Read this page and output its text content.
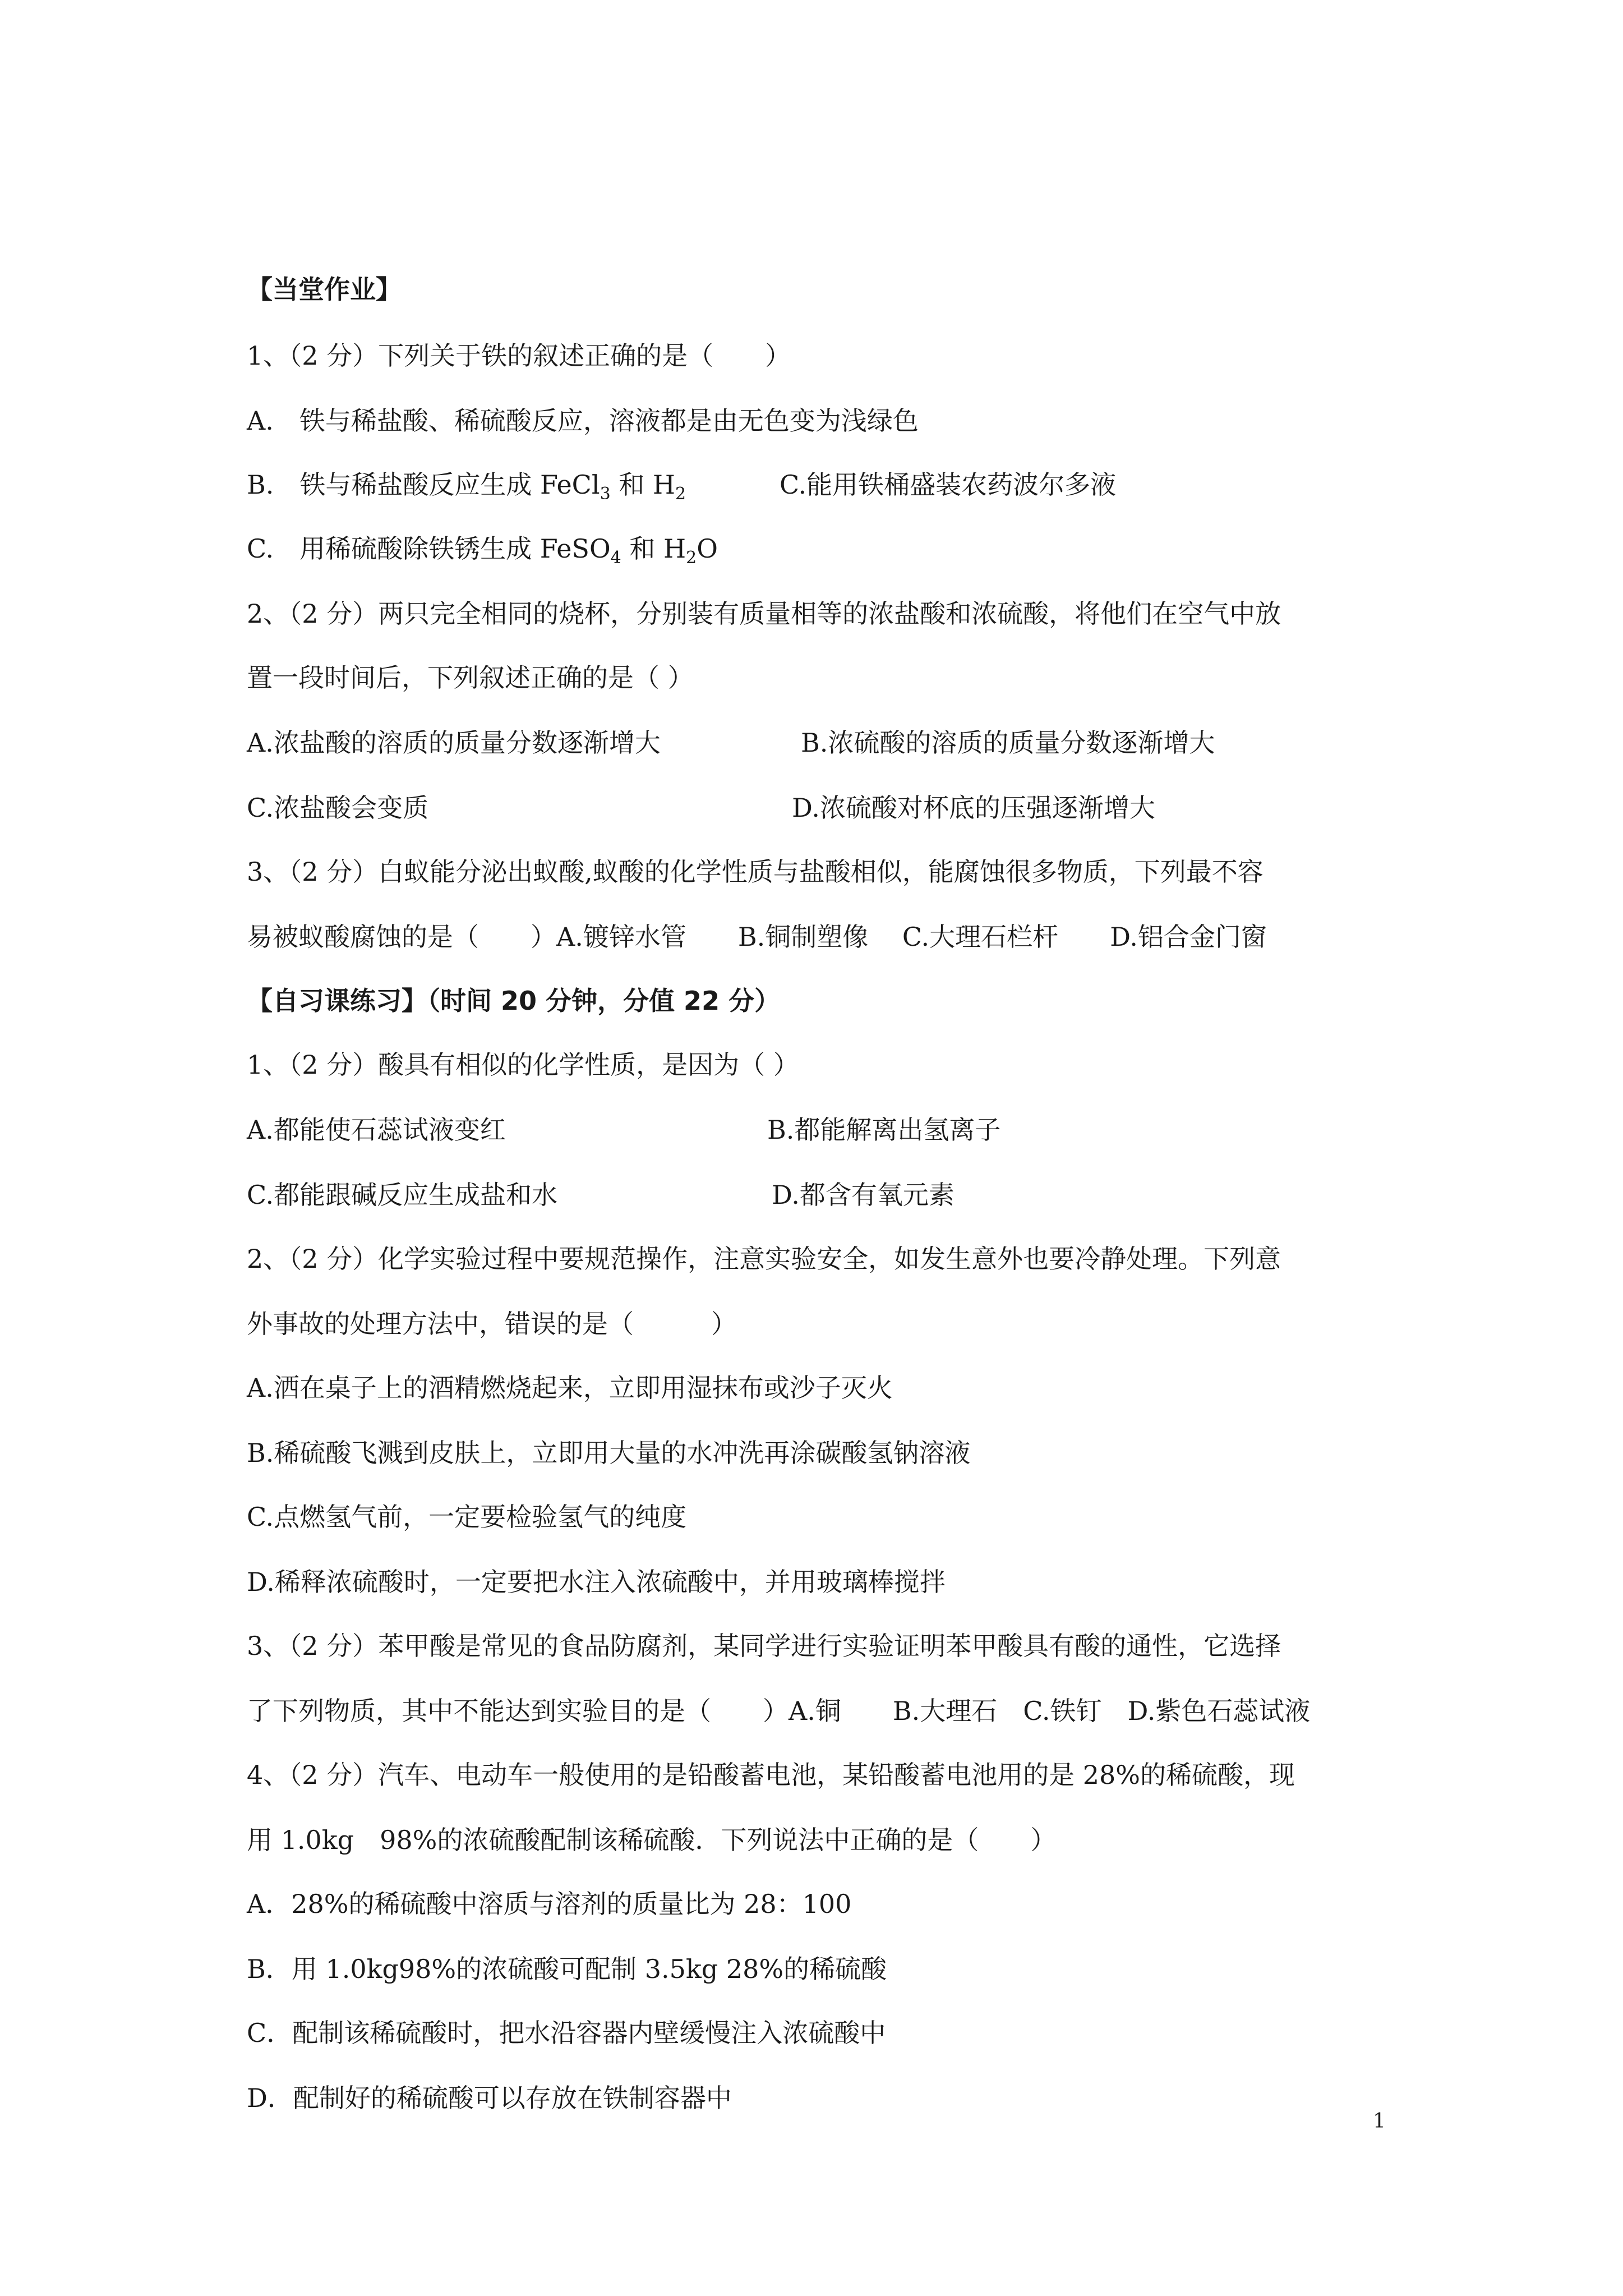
【当堂作业】
1、（2 分）下列关于铁的叙述正确的是（　　）
A.　铁与稀盐酸、稀硫酸反应，溶液都是由无色变为浅绿色
B.　铁与稀盐酸反应生成 FeCl$_3$ 和 $H_2$	C.能用铁桶盛装农药波尔多液
C.　用稀硫酸除铁锈生成 FeSO$_4$ 和 $H_2O$
2、（2 分）两只完全相同的烧杯，分别装有质量相等的浓盐酸和浓硫酸，将他们在空气中放
置一段时间后，下列叙述正确的是（ ）
A.浓盐酸的溶质的质量分数逐渐增大	B.浓硫酸的溶质的质量分数逐渐增大
C.浓盐酸会变质	D.浓硫酸对杯底的压强逐渐增大
3、（2 分）白蚁能分泌出蚁酸,蚁酸的化学性质与盐酸相似，能腐蚀很多物质，下列最不容
易被蚁酸腐蚀的是（　　）A.镀锌水管　　B.铜制塑像　 C.大理石栏杆　　D.铝合金门窗
【自习课练习】（时间 20 分钟，分值 22 分）
1、（2 分）酸具有相似的化学性质，是因为（ ）
A.都能使石蕊试液变红	B.都能解离出氢离子
C.都能跟碱反应生成盐和水	D.都含有氧元素
2、（2 分）化学实验过程中要规范操作，注意实验安全，如发生意外也要冷静处理。下列意
外事故的处理方法中，错误的是（　　　）
A.洒在桌子上的酒精燃烧起来，立即用湿抹布或沙子灭火
B.稀硫酸飞溅到皮肤上，立即用大量的水冲洗再涂碳酸氢钠溶液
C.点燃氢气前，一定要检验氢气的纯度
D.稀释浓硫酸时，一定要把水注入浓硫酸中，并用玻璃棒搅拌
3、（2 分）苯甲酸是常见的食品防腐剂，某同学进行实验证明苯甲酸具有酸的通性，它选择
了下列物质，其中不能达到实验目的是（　　）A.铜　　B.大理石　C.铁钉　D.紫色石蕊试液
4、（2 分）汽车、电动车一般使用的是铅酸蓄电池，某铅酸蓄电池用的是 28%的稀硫酸，现
用 1.0kg　98%的浓硫酸配制该稀硫酸．下列说法中正确的是（　　）
A．28%的稀硫酸中溶质与溶剂的质量比为 28：100
B．用 1.0kg98%的浓硫酸可配制 3.5kg 28%的稀硫酸
C．配制该稀硫酸时，把水沿容器内壁缓慢注入浓硫酸中
D．配制好的稀硫酸可以存放在铁制容器中
1
